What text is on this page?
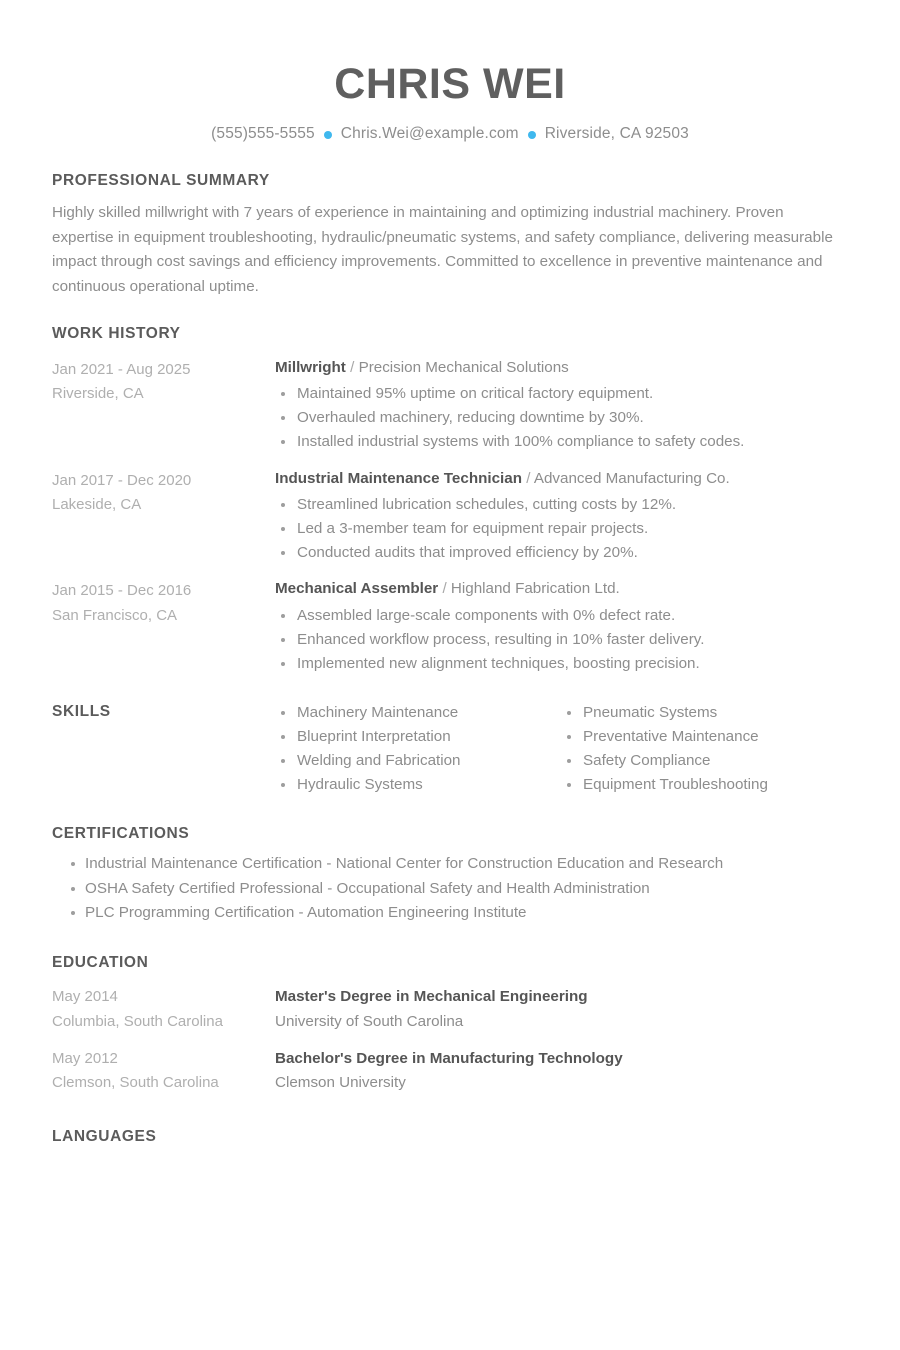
CHRIS WEI
(555)555-5555 Chris.Wei@example.com Riverside, CA 92503
PROFESSIONAL SUMMARY

Highly skilled millwright with 7 years of experience in maintaining and optimizing industrial machinery. Proven expertise in equipment troubleshooting, hydraulic/pneumatic systems, and safety compliance, delivering measurable impact through cost savings and efficiency improvements. Committed to excellence in preventive maintenance and continuous operational uptime.

WORK HISTORY
Jan 2021 - Aug 2025
Riverside, CA
Millwright / Precision Mechanical Solutions
Maintained 95% uptime on critical factory equipment.
Overhauled machinery, reducing downtime by 30%.
Installed industrial systems with 100% compliance to safety codes.
Jan 2017 - Dec 2020
Lakeside, CA
Industrial Maintenance Technician / Advanced Manufacturing Co.
Streamlined lubrication schedules, cutting costs by 12%.
Led a 3-member team for equipment repair projects.
Conducted audits that improved efficiency by 20%.
Jan 2015 - Dec 2016
San Francisco, CA
Mechanical Assembler / Highland Fabrication Ltd.
Assembled large-scale components with 0% defect rate.
Enhanced workflow process, resulting in 10% faster delivery.
Implemented new alignment techniques, boosting precision.
SKILLS	Machinery Maintenance
Blueprint Interpretation
Welding and Fabrication
Hydraulic Systems
Pneumatic Systems
Preventative Maintenance
Safety Compliance
Equipment Troubleshooting
CERTIFICATIONS
Industrial Maintenance Certification - National Center for Construction Education and Research
OSHA Safety Certified Professional - Occupational Safety and Health Administration
PLC Programming Certification - Automation Engineering Institute
EDUCATION
May 2014
Columbia, South Carolina
Master's Degree in Mechanical Engineering
University of South Carolina
May 2012
Clemson, South Carolina
Bachelor's Degree in Manufacturing Technology
Clemson University
LANGUAGES
